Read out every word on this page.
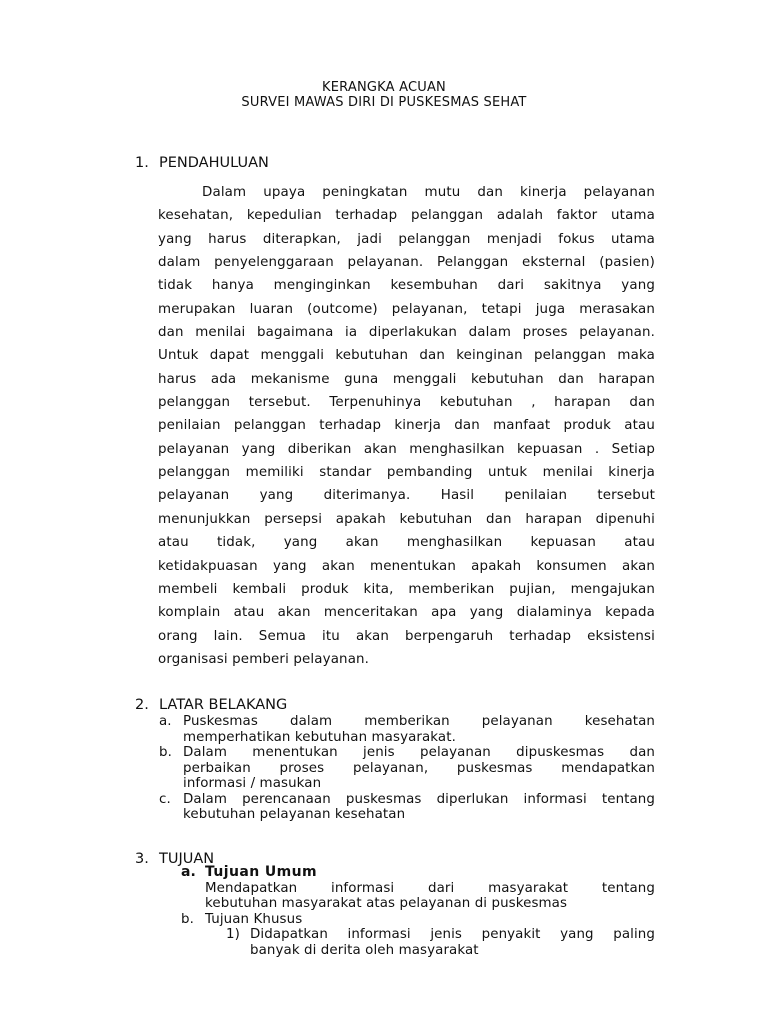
KERANGKA ACUAN
SURVEI MAWAS DIRI DI PUSKESMAS SEHAT
1. PENDAHULUAN
Dalam upaya peningkatan mutu dan kinerja pelayanan
kesehatan, kepedulian terhadap pelanggan adalah faktor utama
yang harus diterapkan, jadi pelanggan menjadi fokus utama
dalam penyelenggaraan pelayanan. Pelanggan eksternal (pasien)
tidak hanya menginginkan kesembuhan dari sakitnya yang
merupakan luaran (outcome) pelayanan, tetapi juga merasakan
dan menilai bagaimana ia diperlakukan dalam proses pelayanan.
Untuk dapat menggali kebutuhan dan keinginan pelanggan maka
harus ada mekanisme guna menggali kebutuhan dan harapan
pelanggan tersebut. Terpenuhinya kebutuhan , harapan dan
penilaian pelanggan terhadap kinerja dan manfaat produk atau
pelayanan yang diberikan akan menghasilkan kepuasan . Setiap
pelanggan memiliki standar pembanding untuk menilai kinerja
pelayanan yang diterimanya. Hasil penilaian tersebut
menunjukkan persepsi apakah kebutuhan dan harapan dipenuhi
atau tidak, yang akan menghasilkan kepuasan atau
ketidakpuasan yang akan menentukan apakah konsumen akan
membeli kembali produk kita, memberikan pujian, mengajukan
komplain atau akan menceritakan apa yang dialaminya kepada
orang lain. Semua itu akan berpengaruh terhadap eksistensi
organisasi pemberi pelayanan.
2. LATAR BELAKANG
a. Puskesmas dalam memberikan pelayanan kesehatan
memperhatikan kebutuhan masyarakat.
b. Dalam menentukan jenis pelayanan dipuskesmas dan
perbaikan proses pelayanan, puskesmas mendapatkan
informasi / masukan
c. Dalam perencanaan puskesmas diperlukan informasi tentang
kebutuhan pelayanan kesehatan
3. TUJUAN
a. Tujuan Umum
Mendapatkan informasi dari masyarakat tentang
kebutuhan masyarakat atas pelayanan di puskesmas
b. Tujuan Khusus
1) Didapatkan informasi jenis penyakit yang paling
banyak di derita oleh masyarakat
